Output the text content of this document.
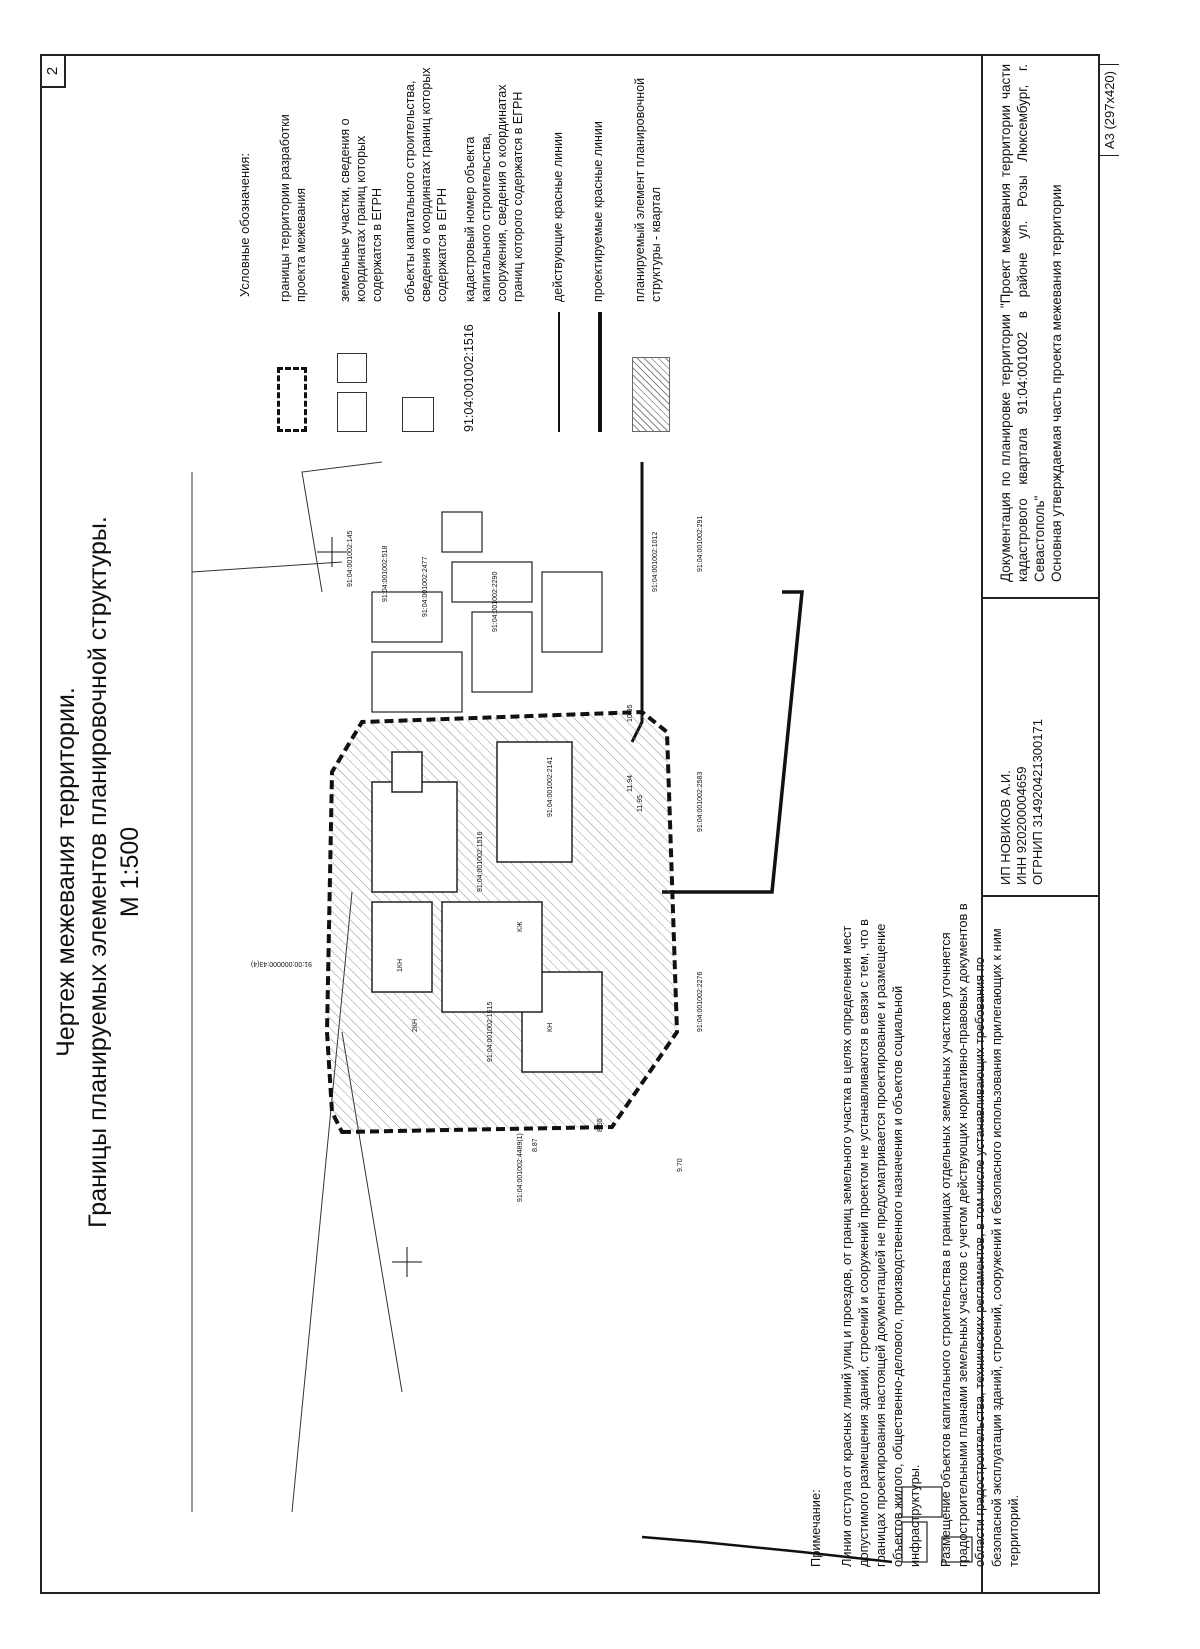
2
Чертеж межевания территории. Границы планируемых элементов планировочной структуры. М 1:500
91:00:000000:43(4)
91:04:001002:145	91:04:001002:518	91:04:001002:2477	91:04:001002:2290
91:04:001002:1012	91:04:001002:291
91:04:001002:2583
91:04:001002:2276
91:04:001002:1515
91:04:001002:1516
91:04:001002:2141
91:04:001002:4489(1)
КЖ
КН
1КН
2КН
11.95
11.94
10.95
9.70
8.87
8.55
Условные обозначения: границы территории разработки проекта межевания
земельные участки, сведения о координатах границ которых содержатся в ЕГРН объекты капитального строительства, сведения о координатах границ которых содержатся в ЕГРН
91:04:001002:1516
кадастровый номер объекта капитального строительства, сооружения, сведения о координатах границ которого содержатся в ЕГРН действующие красные линии проектируемые красные линии планируемый элемент планировочной структуры - квартал

Примечание: Линии отступа от красных линий улиц и проездов, от границ земельного участка в целях определения мест допустимого размещения зданий, строений и сооружений проектом не устанавливаются в связи с тем, что в границах проектирования настоящей документацией не предусматривается проектирование и размещение объектов жилого, общественно-делового, производственного назначения и объектов социальной инфраструктуры. Размещение объектов капитального строительства в границах отдельных земельных участков уточняется градостроительными планами земельных участков с учетом действующих нормативно-правовых документов в области градостроительства, технических регламентов, в том числе устанавливающих требования по безопасной эксплуатации зданий, строений, сооружений и безопасного использования прилегающих к ним территорий.

ИП НОВИКОВ А.И. ИНН 920200004659 ОГРНИП 314920421300171
Документация по планировке территории "Проект межевания территории части кадастрового квартала 91:04:001002 в районе ул. Розы Люксембург, г. Севастополь" Основная утверждаемая часть проекта межевания территории
А3 (297х420)
